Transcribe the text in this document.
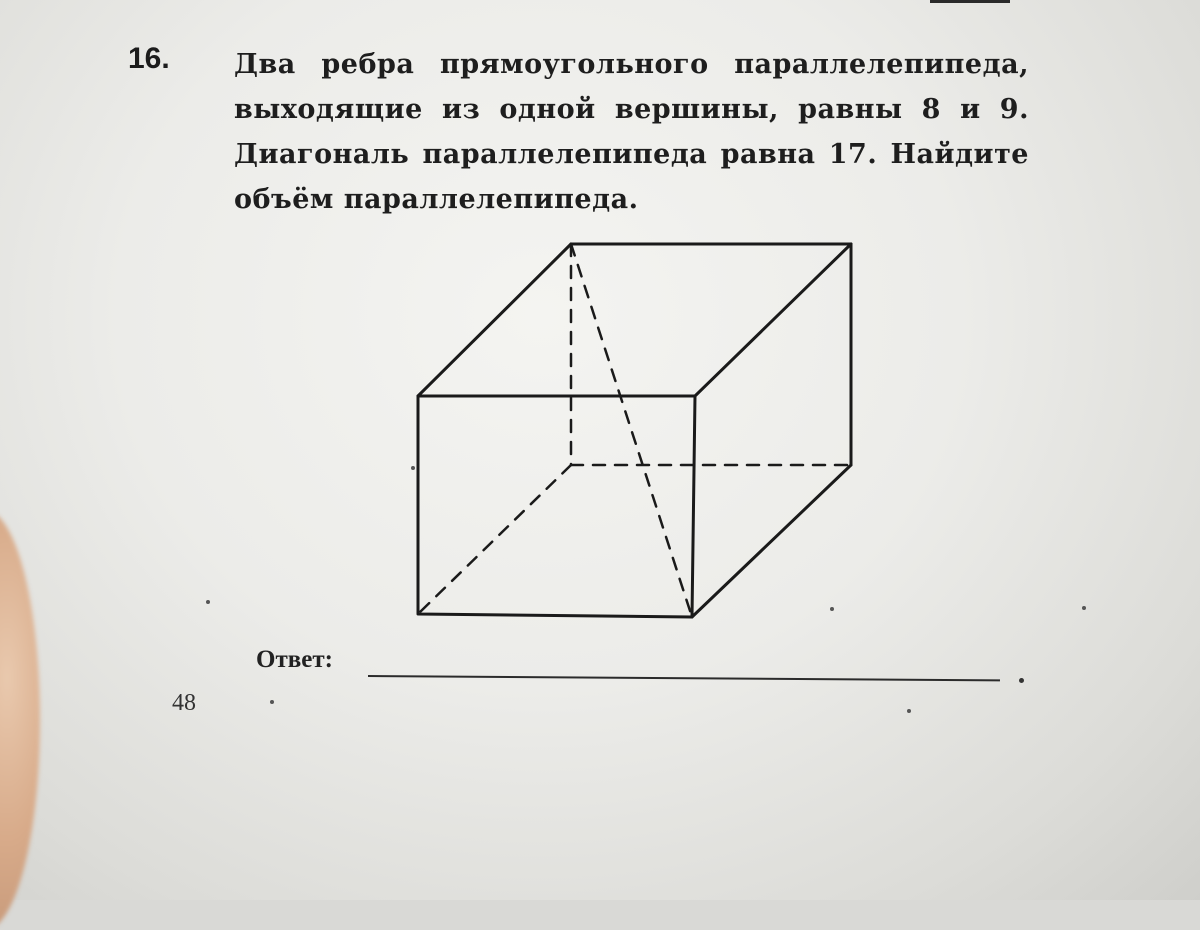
16. Два ребра прямоугольного параллелепипеда,
выходящие из одной вершины, равны 8 и 9.
Диагональ параллелепипеда равна 17. Найдите
объём параллелепипеда.
Ответ:
48
